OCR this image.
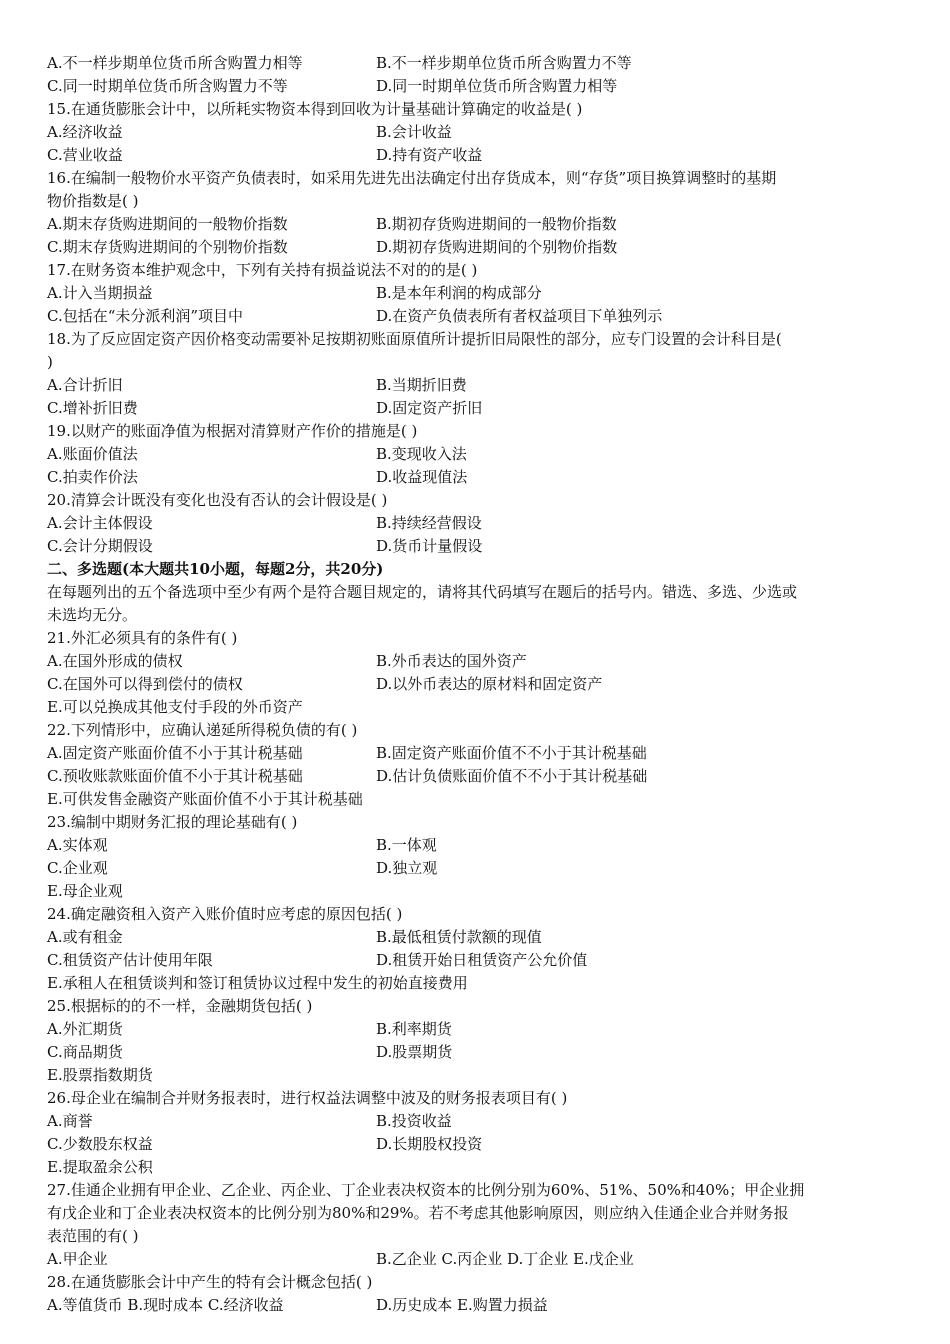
A.不一样步期单位货币所含购置力相等	B.不一样步期单位货币所含购置力不等
C.同一时期单位货币所含购置力不等	D.同一时期单位货币所含购置力相等
15.在通货膨胀会计中，以所耗实物资本得到回收为计量基础计算确定的收益是( )
A.经济收益	B.会计收益
C.营业收益	D.持有资产收益
16.在编制一般物价水平资产负债表时，如采用先进先出法确定付出存货成本，则“存货”项目换算调整时的基期
物价指数是( )
A.期末存货购进期间的一般物价指数	B.期初存货购进期间的一般物价指数
C.期末存货购进期间的个别物价指数	D.期初存货购进期间的个别物价指数
17.在财务资本维护观念中，下列有关持有损益说法不对的的是( )
A.计入当期损益	B.是本年利润的构成部分
C.包括在“未分派利润”项目中	D.在资产负债表所有者权益项目下单独列示
18.为了反应固定资产因价格变动需要补足按期初账面原值所计提折旧局限性的部分，应专门设置的会计科目是(
)
A.合计折旧	B.当期折旧费
C.增补折旧费	D.固定资产折旧
19.以财产的账面净值为根据对清算财产作价的措施是( )
A.账面价值法	B.变现收入法
C.拍卖作价法	D.收益现值法
20.清算会计既没有变化也没有否认的会计假设是( )
A.会计主体假设	B.持续经营假设
C.会计分期假设	D.货币计量假设
二、多选题(本大题共10小题，每题2分，共20分)
在每题列出的五个备选项中至少有两个是符合题目规定的，请将其代码填写在题后的括号内。错选、多选、少选或
未选均无分。
21.外汇必须具有的条件有( )
A.在国外形成的债权	B.外币表达的国外资产
C.在国外可以得到偿付的债权	D.以外币表达的原材料和固定资产
E.可以兑换成其他支付手段的外币资产
22.下列情形中，应确认递延所得税负债的有( )
A.固定资产账面价值不小于其计税基础	B.固定资产账面价值不不小于其计税基础
C.预收账款账面价值不小于其计税基础	D.估计负债账面价值不不小于其计税基础
E.可供发售金融资产账面价值不小于其计税基础
23.编制中期财务汇报的理论基础有( )
A.实体观	B.一体观
C.企业观	D.独立观
E.母企业观
24.确定融资租入资产入账价值时应考虑的原因包括( )
A.或有租金	B.最低租赁付款额的现值
C.租赁资产估计使用年限	D.租赁开始日租赁资产公允价值
E.承租人在租赁谈判和签订租赁协议过程中发生的初始直接费用
25.根据标的的不一样，金融期货包括( )
A.外汇期货	B.利率期货
C.商品期货	D.股票期货
E.股票指数期货
26.母企业在编制合并财务报表时，进行权益法调整中波及的财务报表项目有( )
A.商誉	B.投资收益
C.少数股东权益	D.长期股权投资
E.提取盈余公积
27.佳通企业拥有甲企业、乙企业、丙企业、丁企业表决权资本的比例分别为60%、51%、50%和40%；甲企业拥
有戊企业和丁企业表决权资本的比例分别为80%和29%。若不考虑其他影响原因，则应纳入佳通企业合并财务报
表范围的有( )
A.甲企业	B.乙企业 C.丙企业 D.丁企业 E.戊企业
28.在通货膨胀会计中产生的特有会计概念包括( )
A.等值货币 B.现时成本 C.经济收益	D.历史成本 E.购置力损益
